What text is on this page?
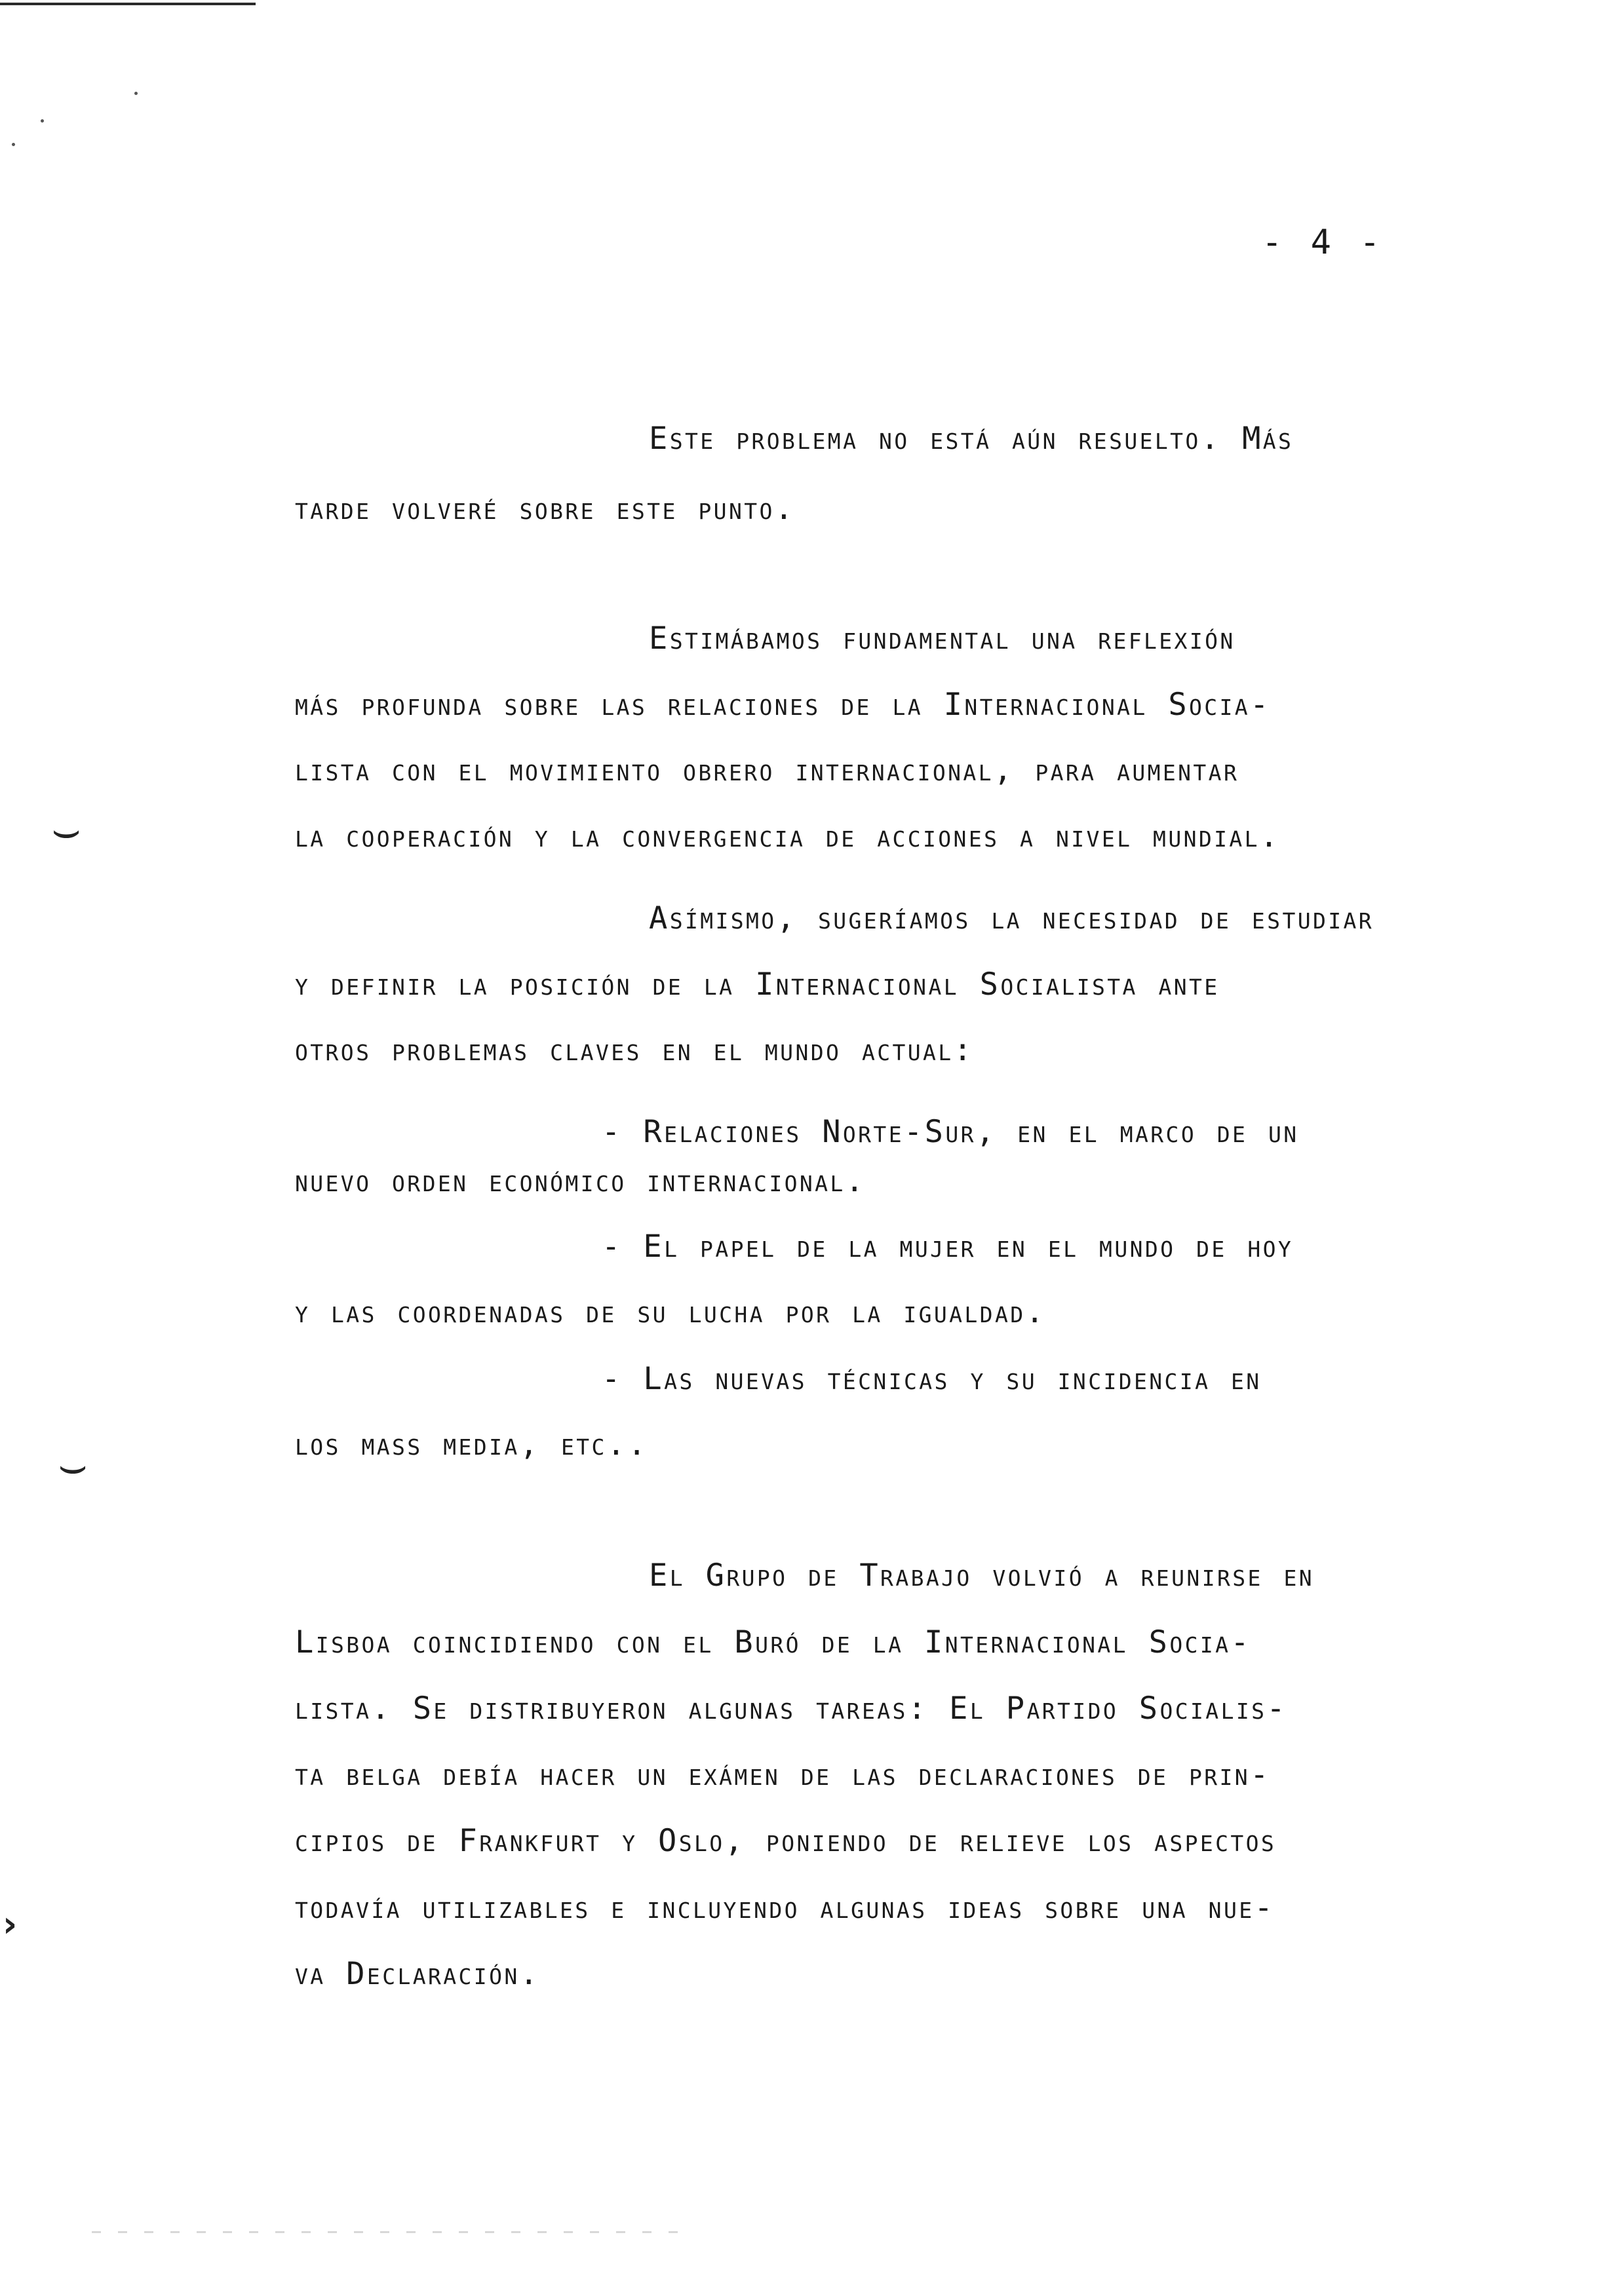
⌣
⌣
›
- 4 -
Este problema no está aún resuelto. Más
tarde volveré sobre este punto.
Estimábamos fundamental una reflexión
más profunda sobre las relaciones de la Internacional Socia-
lista con el movimiento obrero internacional, para aumentar
la cooperación y la convergencia de acciones a nivel mundial.
Asímismo, sugeríamos la necesidad de estudiar
y definir la posición de la Internacional Socialista ante
otros problemas claves en el mundo actual:
- Relaciones Norte-Sur, en el marco de un
nuevo orden económico internacional.
- El papel de la mujer en el mundo de hoy
y las coordenadas de su lucha por la igualdad.
- Las nuevas técnicas y su incidencia en
los mass media, etc..
El Grupo de Trabajo volvió a reunirse en
Lisboa coincidiendo con el Buró de la Internacional Socia-
lista. Se distribuyeron algunas tareas: El Partido Socialis-
ta belga debía hacer un exámen de las declaraciones de prin-
cipios de Frankfurt y Oslo, poniendo de relieve los aspectos
todavía utilizables e incluyendo algunas ideas sobre una nue-
va Declaración.
